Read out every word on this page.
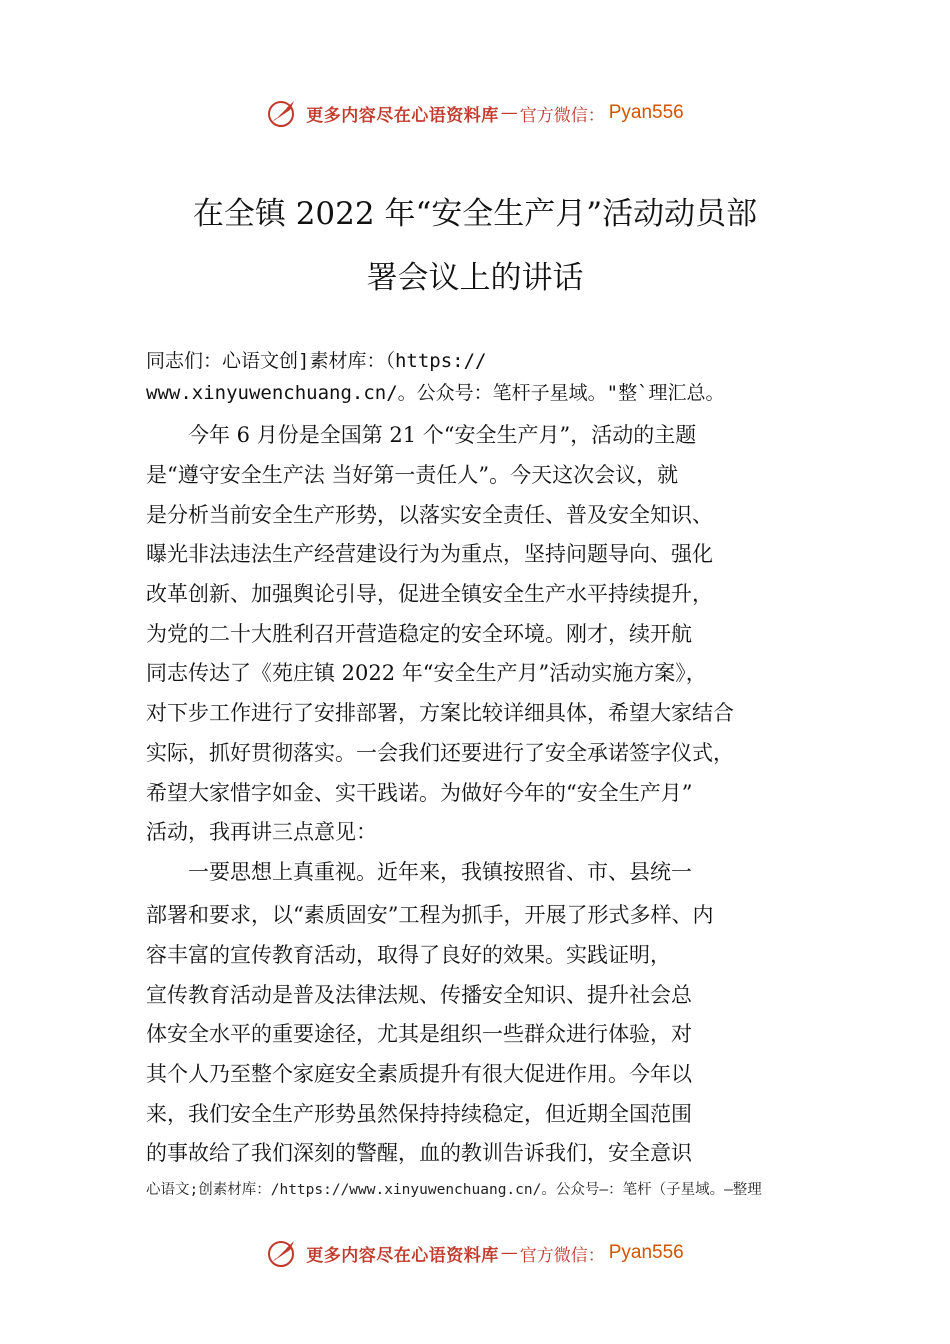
更多内容尽在心语资料库 — 官方微信 ： Pyan556
在全镇 2022 年“安全生产月”活动动员部
署会议上的讲话
同志们：心语文创]素材库：（https://
www.xinyuwenchuang.cn/。公众号：笔杆子星域。"整`理汇总。
　　今年 6 月份是全国第 21 个“安全生产月”，活动的主题
是“遵守安全生产法 当好第一责任人”。今天这次会议，就
是分析当前安全生产形势，以落实安全责任、普及安全知识、
曝光非法违法生产经营建设行为为重点，坚持问题导向、强化
改革创新、加强舆论引导，促进全镇安全生产水平持续提升，
为党的二十大胜利召开营造稳定的安全环境。刚才，续开航
同志传达了《苑庄镇 2022 年“安全生产月”活动实施方案》，
对下步工作进行了安排部署，方案比较详细具体，希望大家结合
实际，抓好贯彻落实。一会我们还要进行了安全承诺签字仪式，
希望大家惜字如金、实干践诺。为做好今年的“安全生产月”
活动，我再讲三点意见：
　　一要思想上真重视。近年来，我镇按照省、市、县统一
部署和要求，以“素质固安”工程为抓手，开展了形式多样、内
容丰富的宣传教育活动，取得了良好的效果。实践证明，
宣传教育活动是普及法律法规、传播安全知识、提升社会总
体安全水平的重要途径，尤其是组织一些群众进行体验，对
其个人乃至整个家庭安全素质提升有很大促进作用。今年以
来，我们安全生产形势虽然保持持续稳定，但近期全国范围
的事故给了我们深刻的警醒，血的教训告诉我们，安全意识
心语文;创素材库：/https://www.xinyuwenchuang.cn/。公众号—：笔杆（子星域。—整理
更多内容尽在心语资料库 — 官方微信 ： Pyan556
